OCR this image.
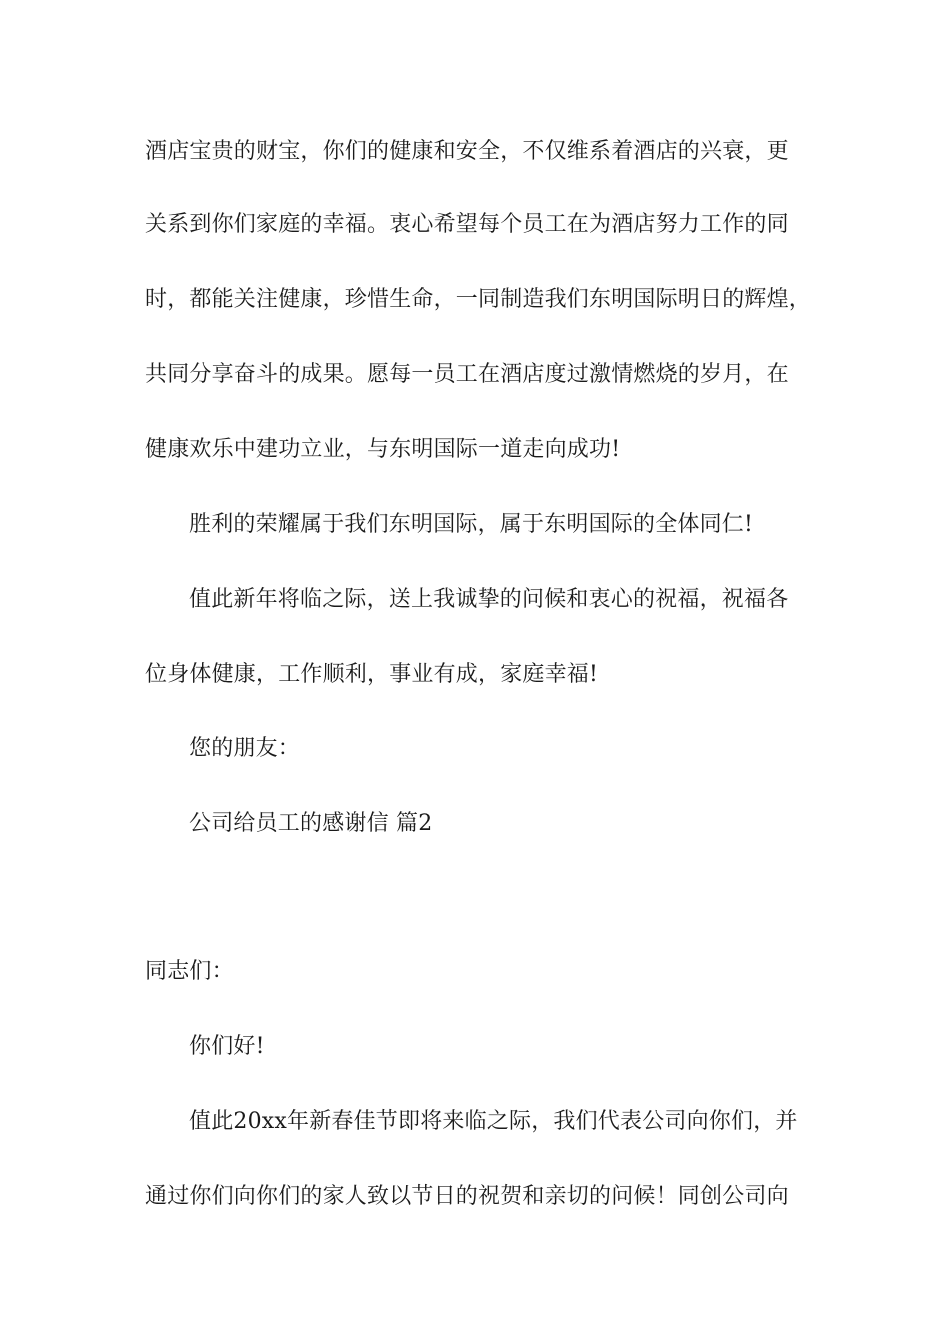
酒店宝贵的财宝，你们的健康和安全，不仅维系着酒店的兴衰，更
关系到你们家庭的幸福。衷心希望每个员工在为酒店努力工作的同
时，都能关注健康，珍惜生命，一同制造我们东明国际明日的辉煌，
共同分享奋斗的成果。愿每一员工在酒店度过激情燃烧的岁月，在
健康欢乐中建功立业，与东明国际一道走向成功!
胜利的荣耀属于我们东明国际，属于东明国际的全体同仁!
值此新年将临之际，送上我诚挚的问候和衷心的祝福，祝福各
位身体健康，工作顺利，事业有成，家庭幸福!
您的朋友：
公司给员工的感谢信 篇2
同志们：
你们好!
值此20xx年新春佳节即将来临之际，我们代表公司向你们，并
通过你们向你们的家人致以节日的祝贺和亲切的问候！同创公司向
